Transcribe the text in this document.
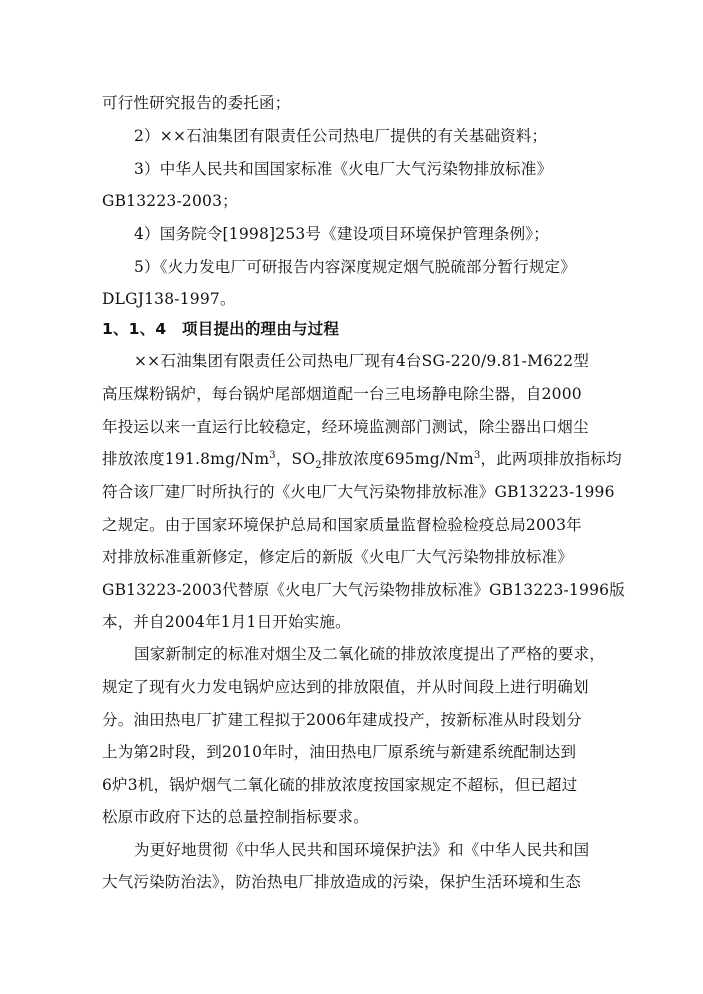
可行性研究报告的委托函；
2）××石油集团有限责任公司热电厂提供的有关基础资料；
3）中华人民共和国国家标准《火电厂大气污染物排放标准》
GB13223-2003；
4）国务院令[1998]253号《建设项目环境保护管理条例》；
5）《火力发电厂可研报告内容深度规定烟气脱硫部分暂行规定》
DLGJ138-1997。
1、1、4　项目提出的理由与过程
××石油集团有限责任公司热电厂现有4台SG-220/9.81-M622型
高压煤粉锅炉，每台锅炉尾部烟道配一台三电场静电除尘器，自2000
年投运以来一直运行比较稳定，经环境监测部门测试，除尘器出口烟尘
排放浓度191.8mg/Nm$^3$，$SO_2$排放浓度695mg/Nm$^3$，此两项排放指标均
符合该厂建厂时所执行的《火电厂大气污染物排放标准》GB13223-1996
之规定。由于国家环境保护总局和国家质量监督检验检疫总局2003年
对排放标准重新修定，修定后的新版《火电厂大气污染物排放标准》
GB13223-2003代替原《火电厂大气污染物排放标准》GB13223-1996版
本，并自2004年1月1日开始实施。
国家新制定的标准对烟尘及二氧化硫的排放浓度提出了严格的要求，
规定了现有火力发电锅炉应达到的排放限值，并从时间段上进行明确划
分。油田热电厂扩建工程拟于2006年建成投产，按新标准从时段划分
上为第2时段，到2010年时，油田热电厂原系统与新建系统配制达到
6炉3机，锅炉烟气二氧化硫的排放浓度按国家规定不超标，但已超过
松原市政府下达的总量控制指标要求。
为更好地贯彻《中华人民共和国环境保护法》和《中华人民共和国
大气污染防治法》，防治热电厂排放造成的污染，保护生活环境和生态
